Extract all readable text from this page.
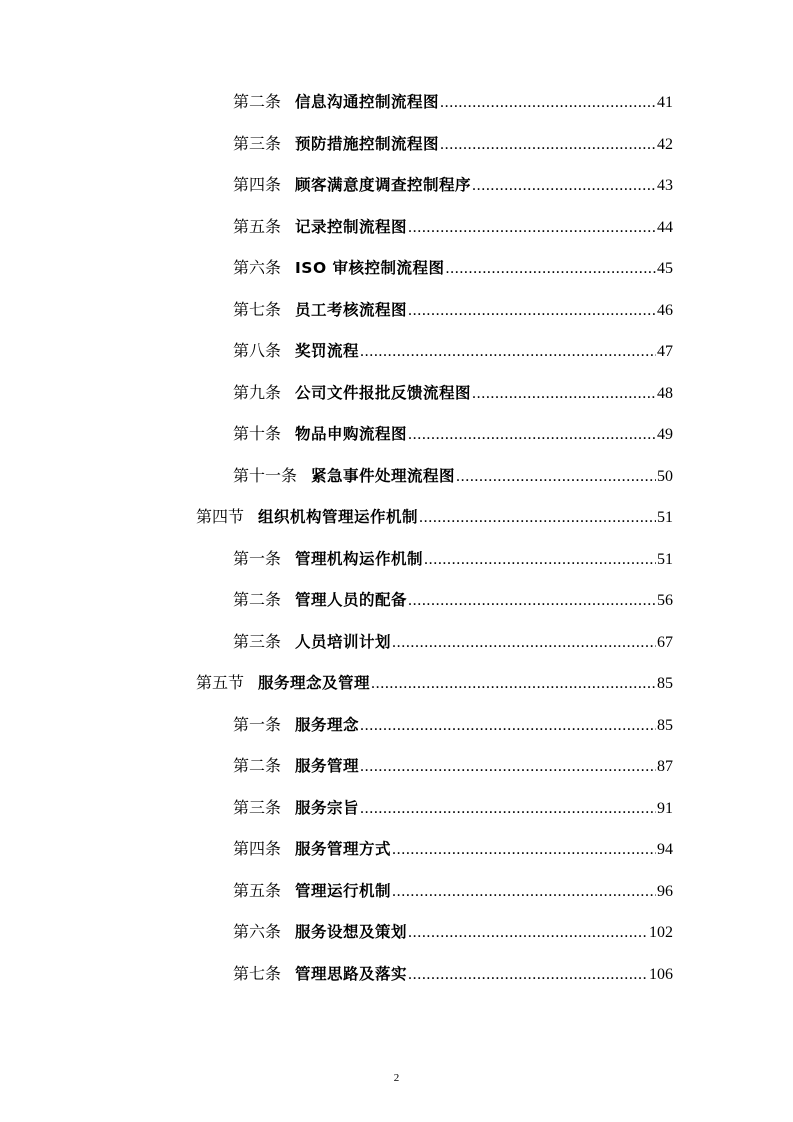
第二条 信息沟通控制流程图 .....	41
第三条 预防措施控制流程图 .....	42
第四条 顾客满意度调查控制程序 .....	43
第五条 记录控制流程图 .....	44
第六条 ISO 审核控制流程图 .....	45
第七条 员工考核流程图 .....	46
第八条 奖罚流程 .....	47
第九条 公司文件报批反馈流程图 .....	48
第十条 物品申购流程图 .....	49
第十一条 紧急事件处理流程图 .....	50
第四节 组织机构管理运作机制 .....	51
第一条 管理机构运作机制 .....	51
第二条 管理人员的配备 .....	56
第三条 人员培训计划 .....	67
第五节 服务理念及管理 .....	85
第一条 服务理念 .....	85
第二条 服务管理 .....	87
第三条 服务宗旨 .....	91
第四条 服务管理方式 .....	94
第五条 管理运行机制 .....	96
第六条 服务设想及策划 .....	102
第七条 管理思路及落实 .....	106
2
